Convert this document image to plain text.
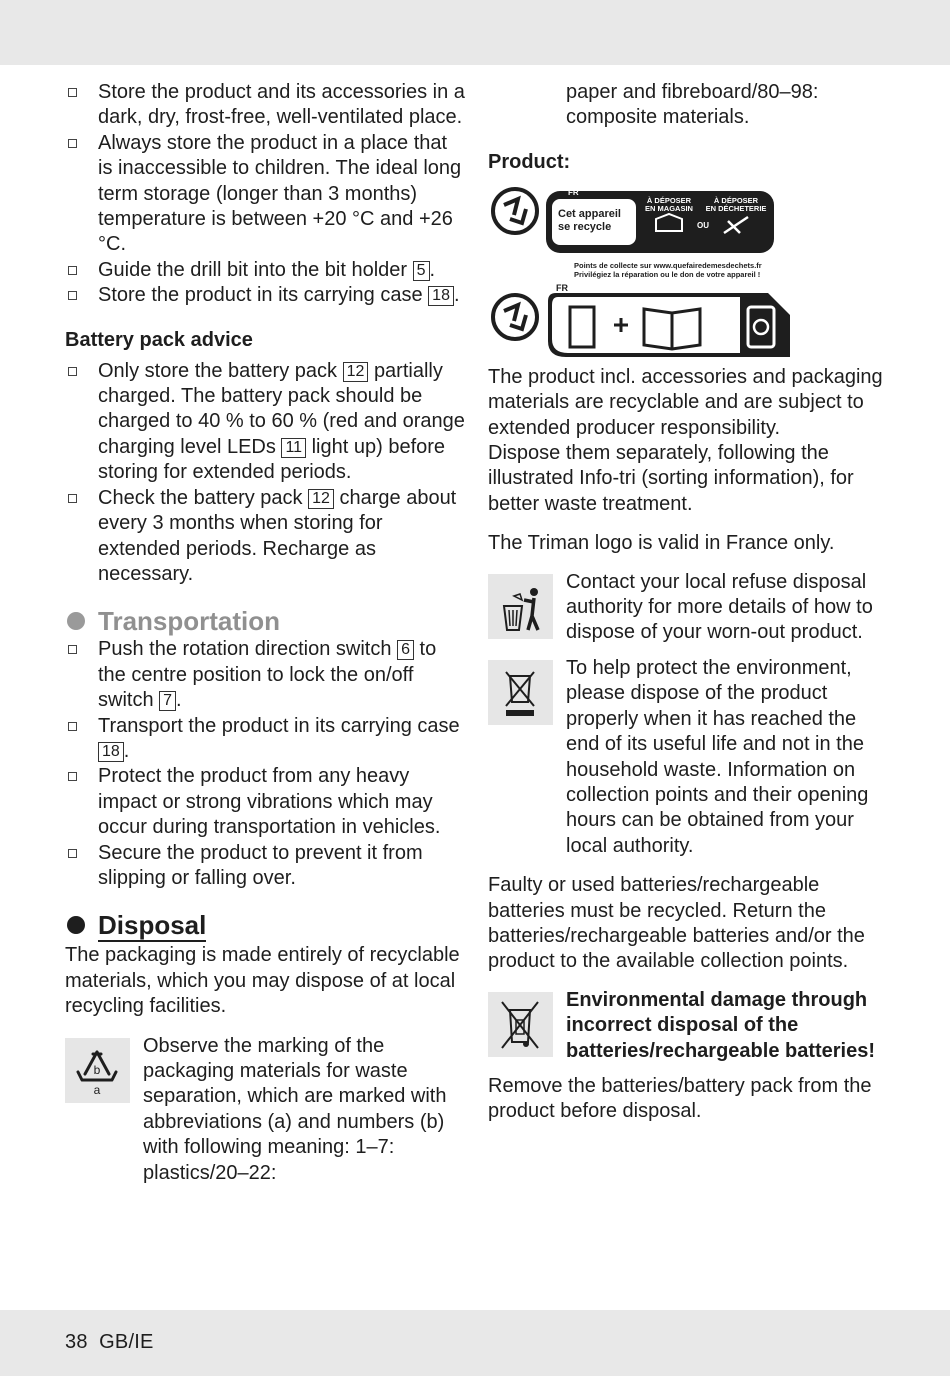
Store the product and its accessories in a dark, dry, frost-free, well-ventilated place.
Always store the product in a place that is inaccessible to children. The ideal long term storage (longer than 3 months) temperature is between +20 °C and +26 °C.
Guide the drill bit into the bit holder 5 .
Store the product in its carrying case 18 .
Battery pack advice
Only store the battery pack 12 partially charged. The battery pack should be charged to 40 % to 60 % (red and orange charging level LEDs 11 light up) before storing for extended periods.
Check the battery pack 12 charge about every 3 months when storing for extended periods. Recharge as necessary.
Transportation
Push the rotation direction switch 6 to the centre position to lock the on/off switch 7 .
Transport the product in its carrying case 18 .
Protect the product from any heavy impact or strong vibrations which may occur during transportation in vehicles.
Secure the product to prevent it from slipping or falling over.
Disposal
The packaging is made entirely of recyclable materials, which you may dispose of at local recycling facilities.
b
a
Observe the marking of the packaging materials for waste separation, which are marked with abbreviations (a) and numbers (b) with following meaning: 1–7: plastics/20–22:
paper and fibreboard/80–98: composite materials.
Product:
FR
Cet appareil
se recycle
À DÉPOSER
EN MAGASIN
OU
À DÉPOSER
EN DÉCHETERIE
Points de collecte sur www.quefairedemesdechets.fr
Privilégiez la réparation ou le don de votre appareil !
FR
The product incl. accessories and packaging materials are recyclable and are subject to extended producer responsibility.
Dispose them separately, following the illustrated Info-tri (sorting information), for better waste treatment.
The Triman logo is valid in France only.
Contact your local refuse disposal authority for more details of how to dispose of your worn-out product.
To help protect the environment, please dispose of the product properly when it has reached the end of its useful life and not in the household waste. Information on collection points and their opening hours can be obtained from your local authority.
Faulty or used batteries/rechargeable batteries must be recycled. Return the batteries/rechargeable batteries and/or the product to the available collection points.
Environmental damage through incorrect disposal of the batteries/rechargeable batteries!
Remove the batteries/battery pack from the product before disposal.
38 GB/IE
